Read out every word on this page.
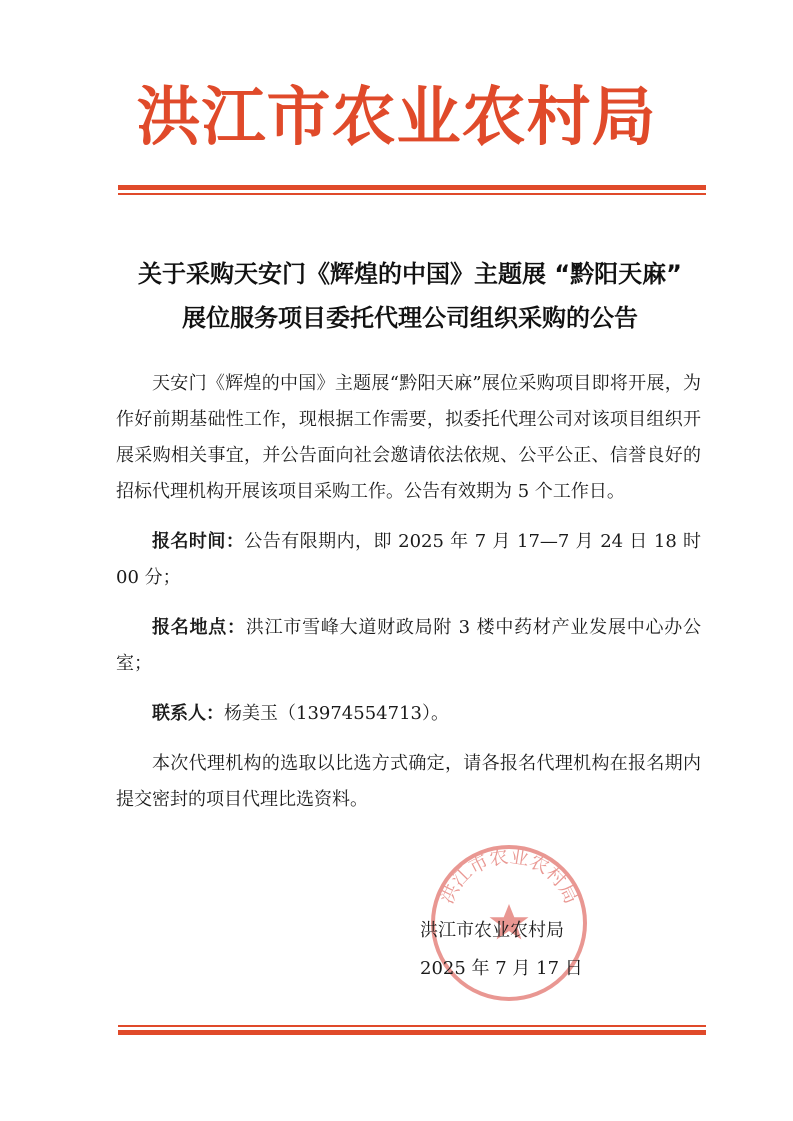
洪江市农业农村局
关于采购天安门《辉煌的中国》主题展 “黔阳天麻”
展位服务项目委托代理公司组织采购的公告

天安门《辉煌的中国》主题展“黔阳天麻”展位采购项目即将开展，为作好前期基础性工作，现根据工作需要，拟委托代理公司对该项目组织开展采购相关事宜，并公告面向社会邀请依法依规、公平公正、信誉良好的招标代理机构开展该项目采购工作。公告有效期为 5 个工作日。

报名时间：公告有限期内，即 2025 年 7 月 17—7 月 24 日 18 时 00 分；

报名地点：洪江市雪峰大道财政局附 3 楼中药材产业发展中心办公室；

联系人：杨美玉（13974554713）。

本次代理机构的选取以比选方式确定，请各报名代理机构在报名期内提交密封的项目代理比选资料。

洪江市农业农村局
洪江市农业农村局
2025 年 7 月 17 日
